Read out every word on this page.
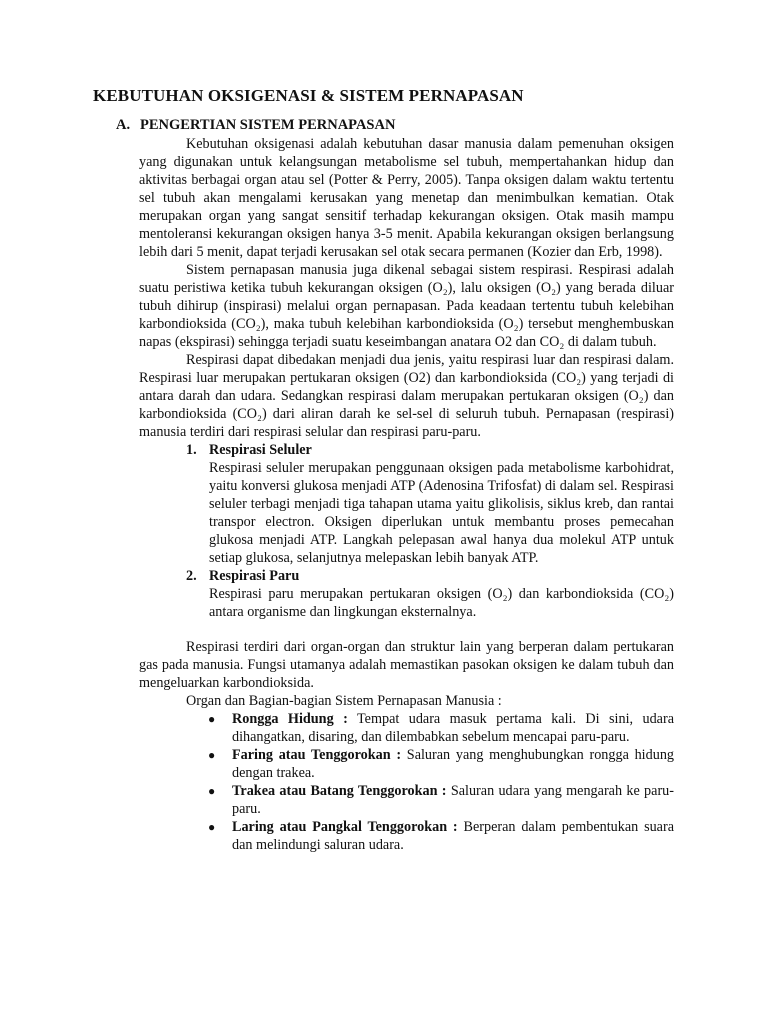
KEBUTUHAN OKSIGENASI & SISTEM PERNAPASAN
A. PENGERTIAN SISTEM PERNAPASAN

Kebutuhan oksigenasi adalah kebutuhan dasar manusia dalam pemenuhan oksigen yang digunakan untuk kelangsungan metabolisme sel tubuh, mempertahankan hidup dan aktivitas berbagai organ atau sel (Potter & Perry, 2005). Tanpa oksigen dalam waktu tertentu sel tubuh akan mengalami kerusakan yang menetap dan menimbulkan kematian. Otak merupakan organ yang sangat sensitif terhadap kekurangan oksigen. Otak masih mampu mentoleransi kekurangan oksigen hanya 3-5 menit. Apabila kekurangan oksigen berlangsung lebih dari 5 menit, dapat terjadi kerusakan sel otak secara permanen (Kozier dan Erb, 1998).

Sistem pernapasan manusia juga dikenal sebagai sistem respirasi. Respirasi adalah suatu peristiwa ketika tubuh kekurangan oksigen (O₂), lalu oksigen (O₂) yang berada diluar tubuh dihirup (inspirasi) melalui organ pernapasan. Pada keadaan tertentu tubuh kelebihan karbondioksida (CO₂), maka tubuh kelebihan karbondioksida (O₂) tersebut menghembuskan napas (ekspirasi) sehingga terjadi suatu keseimbangan anatara O2 dan CO₂ di dalam tubuh.

Respirasi dapat dibedakan menjadi dua jenis, yaitu respirasi luar dan respirasi dalam. Respirasi luar merupakan pertukaran oksigen (O2) dan karbondioksida (CO₂) yang terjadi di antara darah dan udara. Sedangkan respirasi dalam merupakan pertukaran oksigen (O₂) dan karbondioksida (CO₂) dari aliran darah ke sel-sel di seluruh tubuh. Pernapasan (respirasi) manusia terdiri dari respirasi selular dan respirasi paru-paru.

1. Respirasi Seluler

Respirasi seluler merupakan penggunaan oksigen pada metabolisme karbohidrat, yaitu konversi glukosa menjadi ATP (Adenosina Trifosfat) di dalam sel. Respirasi seluler terbagi menjadi tiga tahapan utama yaitu glikolisis, siklus kreb, dan rantai transpor electron. Oksigen diperlukan untuk membantu proses pemecahan glukosa menjadi ATP. Langkah pelepasan awal hanya dua molekul ATP untuk setiap glukosa, selanjutnya melepaskan lebih banyak ATP.

2. Respirasi Paru

Respirasi paru merupakan pertukaran oksigen (O₂) dan karbondioksida (CO₂) antara organisme dan lingkungan eksternalnya.

Respirasi terdiri dari organ-organ dan struktur lain yang berperan dalam pertukaran gas pada manusia. Fungsi utamanya adalah memastikan pasokan oksigen ke dalam tubuh dan mengeluarkan karbondioksida.

Organ dan Bagian-bagian Sistem Pernapasan Manusia :

● Rongga Hidung : Tempat udara masuk pertama kali. Di sini, udara dihangatkan, disaring, dan dilembabkan sebelum mencapai paru-paru.
● Faring atau Tenggorokan : Saluran yang menghubungkan rongga hidung dengan trakea.
● Trakea atau Batang Tenggorokan : Saluran udara yang mengarah ke paru-paru.
● Laring atau Pangkal Tenggorokan : Berperan dalam pembentukan suara dan melindungi saluran udara.
